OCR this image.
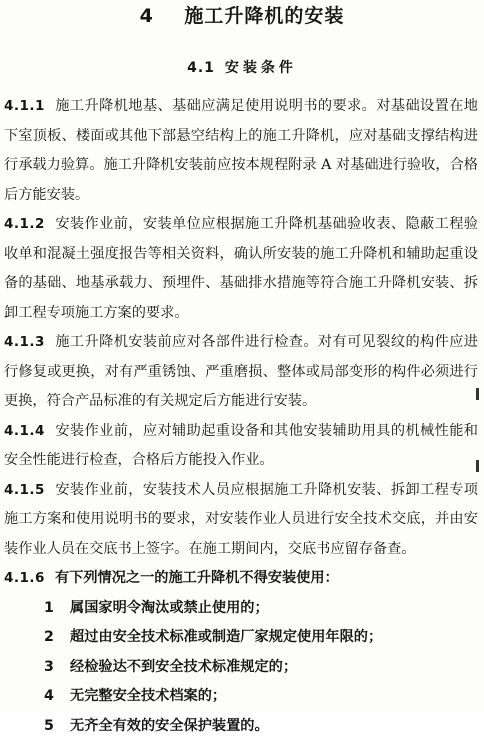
4 施工升降机的安装
4.1 安装条件

4.1.1 施工升降机地基、基础应满足使用说明书的要求。对基础设置在地下室顶板、楼面或其他下部悬空结构上的施工升降机，应对基础支撑结构进行承载力验算。施工升降机安装前应按本规程附录 A 对基础进行验收，合格后方能安装。

4.1.2 安装作业前，安装单位应根据施工升降机基础验收表、隐蔽工程验收单和混凝土强度报告等相关资料，确认所安装的施工升降机和辅助起重设备的基础、地基承载力、预埋件、基础排水措施等符合施工升降机安装、拆卸工程专项施工方案的要求。

4.1.3 施工升降机安装前应对各部件进行检查。对有可见裂纹的构件应进行修复或更换，对有严重锈蚀、严重磨损、整体或局部变形的构件必须进行更换，符合产品标准的有关规定后方能进行安装。

4.1.4 安装作业前，应对辅助起重设备和其他安装辅助用具的机械性能和安全性能进行检查，合格后方能投入作业。

4.1.5 安装作业前，安装技术人员应根据施工升降机安装、拆卸工程专项施工方案和使用说明书的要求，对安装作业人员进行安全技术交底，并由安装作业人员在交底书上签字。在施工期间内，交底书应留存备查。

4.1.6 有下列情况之一的施工升降机不得安装使用：

1 属国家明令淘汰或禁止使用的；

2 超过由安全技术标准或制造厂家规定使用年限的；

3 经检验达不到安全技术标准规定的；

4 无完整安全技术档案的；

5 无齐全有效的安全保护装置的。
